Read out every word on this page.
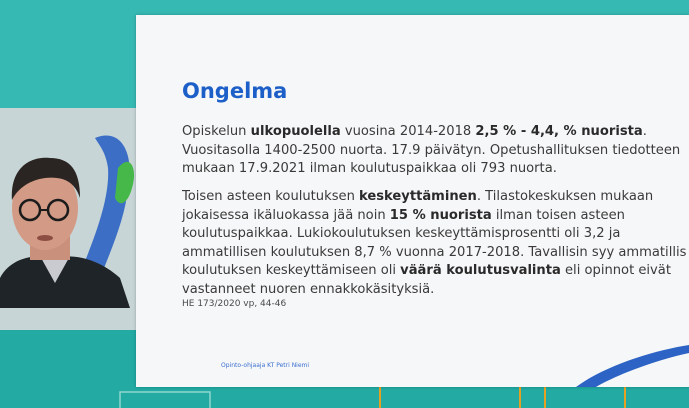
Ongelma
Opiskelun ulkopuolella vuosina 2014-2018 2,5 % - 4,4, % nuorista.
Vuositasolla 1400-2500 nuorta. 17.9 päivätyn. Opetushallituksen tiedotteen
mukaan 17.9.2021 ilman koulutuspaikkaa oli 793 nuorta.
Toisen asteen koulutuksen keskeyttäminen. Tilastokeskuksen mukaan
jokaisessa ikäluokassa jää noin 15 % nuorista ilman toisen asteen
koulutuspaikkaa. Lukiokoulutuksen keskeyttämisprosentti oli 3,2 ja
ammatillisen koulutuksen 8,7 % vuonna 2017-2018. Tavallisin syy ammatillis
koulutuksen keskeyttämiseen oli väärä koulutusvalinta eli opinnot eivät
vastanneet nuoren ennakkokäsityksiä.
HE 173/2020 vp, 44-46
Opinto-ohjaaja KT Petri Niemi
